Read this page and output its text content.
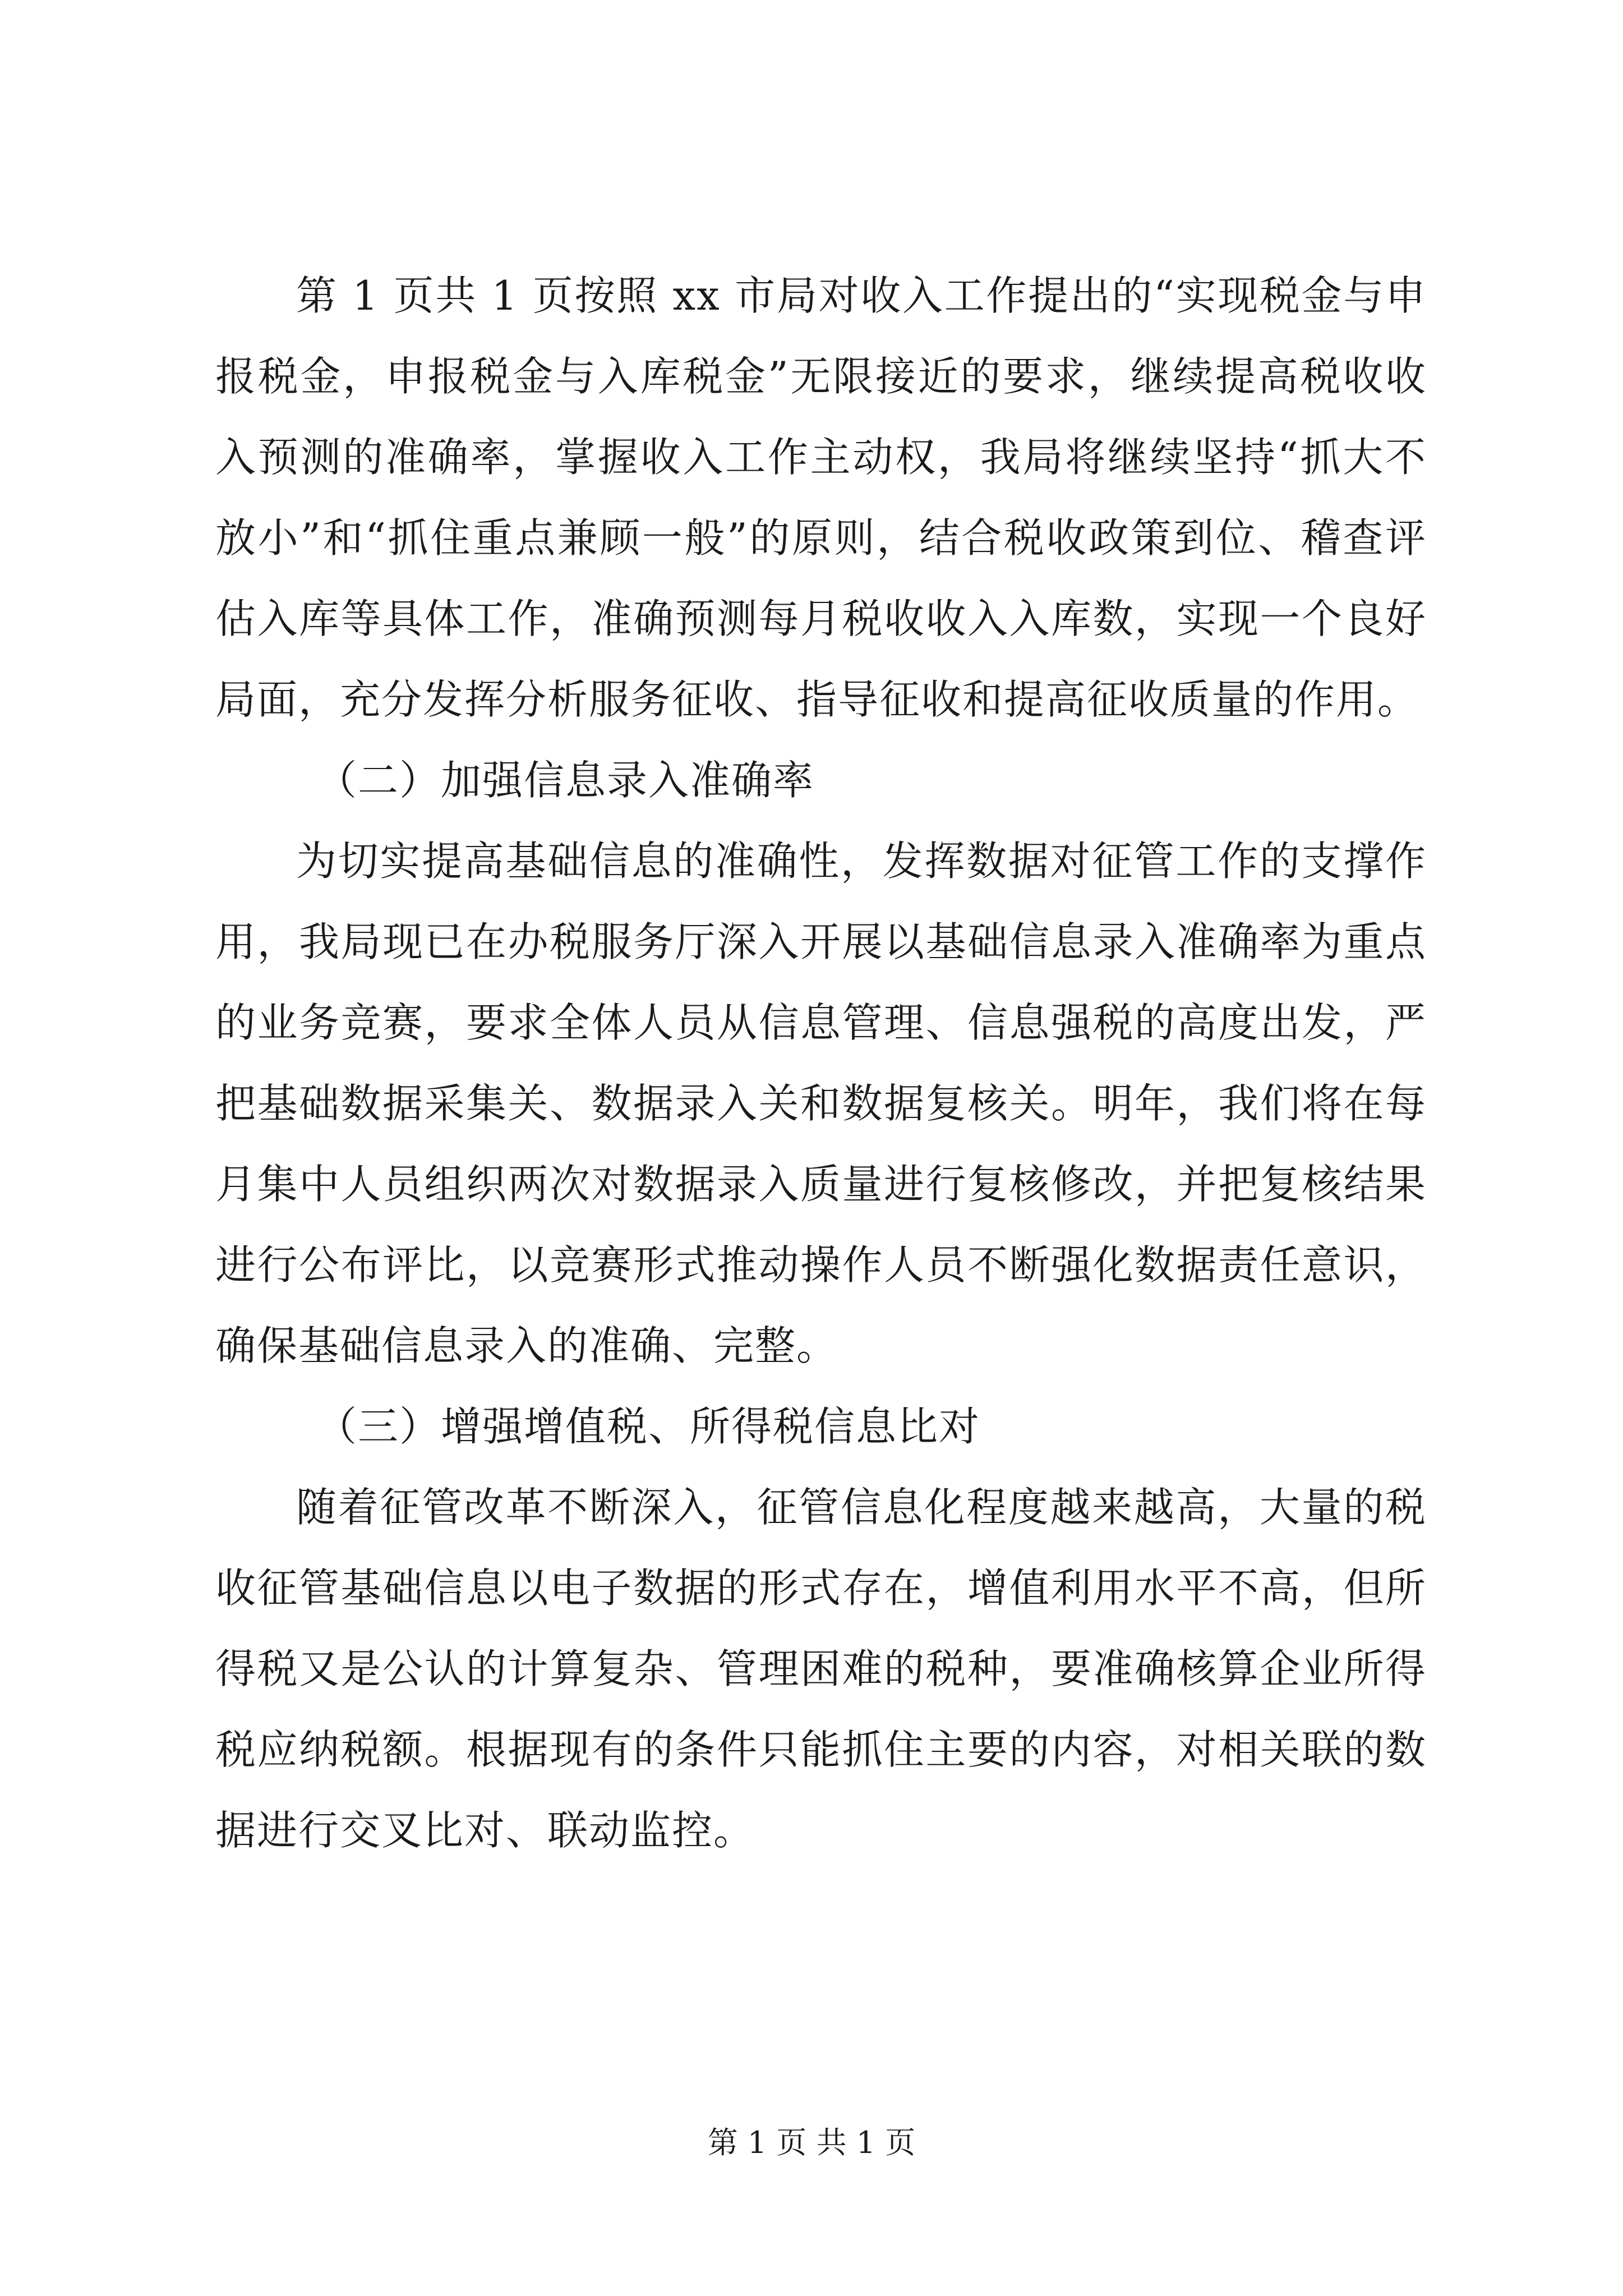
第 1 页共 1 页按照 xx 市局对收入工作提出的“实现税金与申报税金，申报税金与入库税金”无限接近的要求，继续提高税收收入预测的准确率，掌握收入工作主动权，我局将继续坚持“抓大不放小”和“抓住重点兼顾一般”的原则，结合税收政策到位、稽查评估入库等具体工作，准确预测每月税收收入入库数，实现一个良好局面，充分发挥分析服务征收、指导征收和提高征收质量的作用。

（二）加强信息录入准确率

为切实提高基础信息的准确性，发挥数据对征管工作的支撑作用，我局现已在办税服务厅深入开展以基础信息录入准确率为重点的业务竞赛，要求全体人员从信息管理、信息强税的高度出发，严把基础数据采集关、数据录入关和数据复核关。明年，我们将在每月集中人员组织两次对数据录入质量进行复核修改，并把复核结果进行公布评比，以竞赛形式推动操作人员不断强化数据责任意识，确保基础信息录入的准确、完整。

（三）增强增值税、所得税信息比对

随着征管改革不断深入，征管信息化程度越来越高，大量的税收征管基础信息以电子数据的形式存在，增值利用水平不高，但所得税又是公认的计算复杂、管理困难的税种，要准确核算企业所得税应纳税额。根据现有的条件只能抓住主要的内容，对相关联的数据进行交叉比对、联动监控。

第 1 页 共 1 页
